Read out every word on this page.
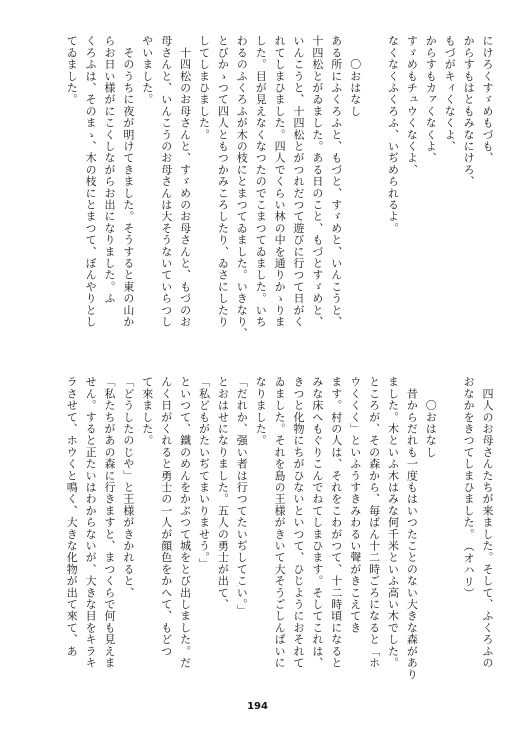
にけろくすゞめもづも、
からすもはともみなにけろ、
もづがキィくなくよ、
からすもカァくなくよ、
すゞめもチュウくなくよ、
なくなくふくろふ、いぢめられるよ。
　　〇おはなし
ある所にふくろふと、もづと、すゞめと、いんこうと、
十四松とがゐました。ある日のこと、もづとすゞめと、
いんこうと、十四松とがつれだつて遊びに行つて日がく
れてしまひました。四人でくらい林の中を通りかゝりま
した。目が見えなくなつたのでこまつてゐました。いち
わるのふくろふが木の枝にとまつてゐました。いきなり、
とびかゝつて四人ともつかみころしたり、ゐさにしたり
してしまひました。
　十四松のお母さんと、すゞめのお母さんと、もづのお
母さんと、いんこうのお母さんは大そうないていらつし
やいました。
　そのうちに夜が明けてきました。そうすると東の山か
らお日い様がにこくしながらお出になりました。ふ
くろふは、そのまゝ、木の枝にとまつて、ぼんやりとし
てゐました。
　四人のお母さんたちが来ました。そして、ふくろふの
おなかをきつてしまひました。　（オハリ）
　　〇おはなし
　昔からだれも一度もはいつたことのない大きな森があり
ました。木といふ木はみな何千米といふ高い木でした。
ところが、その森から、毎ばん十二時ごろになると「ホ
ウくくく」といふうすきみわるい聲がきこえてき
ます。村の人は、それをこわがつて、十二時頃になると
みな床へもぐりこんでねてしまひます。そしてこれは、
きつと化物にちがひないといつて、ひじようにおそれて
ゐました。それを島の王様がきいて大そうごしんぱいに
なりました。
「だれか、强い者は行つてたいぢしてこい。」
とおはせになりました。五人の勇士が出て、
「私どもがたいぢてまいりませう。」
といつて、鐵のめんをかぶつて城をとび出しました。だ
んく日がくれると勇士の一人が顔色をかへて、もどつ
て來ました。
「どうしたのじや」と王様がきかれると、
「私たちがあの森に行きますと、まつくらで何も見えま
せん。すると正たいはわからないが、大きな目をキラキ
ラさせて、ホウくと鳴く、大きな化物が出て來て、あ
194
